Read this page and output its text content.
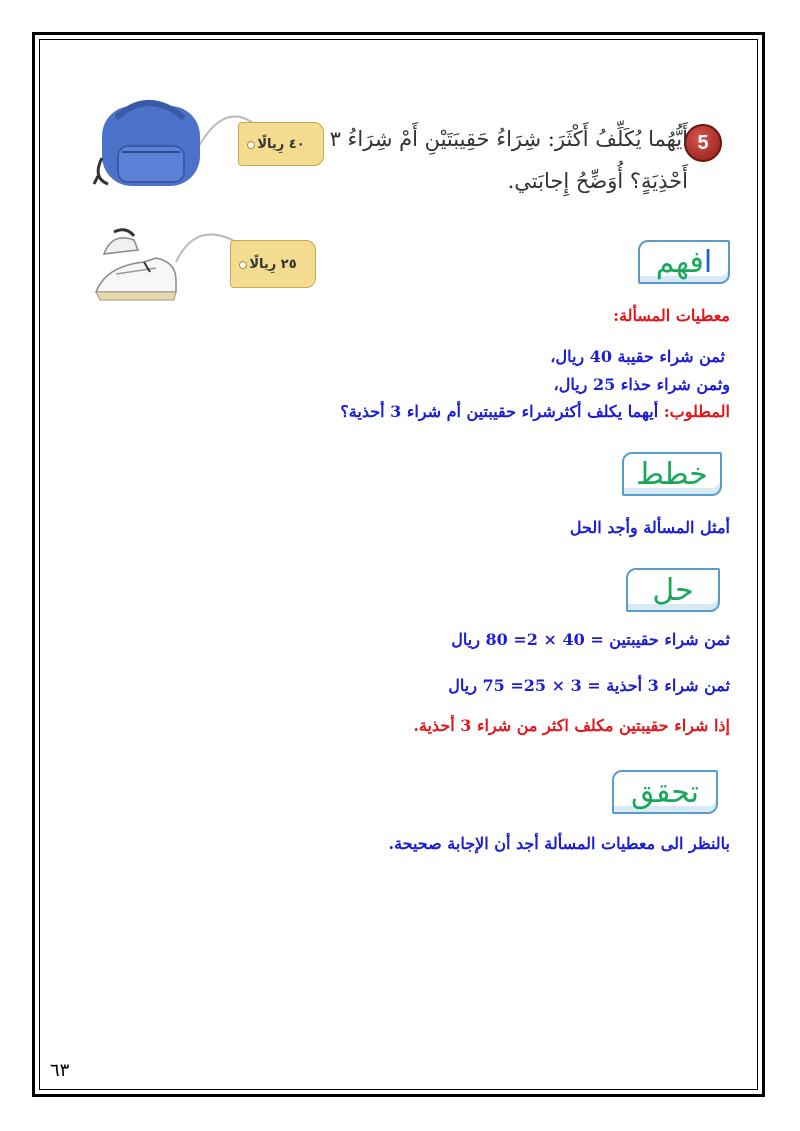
٤٠ رِيالًا
٢٥ رِيالًا
5
أَيُّهُما يُكَلِّفُ أَكْثَرَ: شِرَاءُ حَقِيبَتَيْنِ أَمْ شِرَاءُ ٣ أَحْذِيَةٍ؟ أُوَضِّحُ إِجابَتي.
افهم
معطيات المسألة:
ثمن شراء حقيبة 40 ريال،
وثمن شراء حذاء 25 ريال،
المطلوب: أيهما يكلف أكثرشراء حقيبتين أم شراء 3 أحذية؟
خطط
أمثل المسألة وأجد الحل
حل
ثمن شراء حقيبتين = 40 × 2= 80 ريال
ثمن شراء 3 أحذية = 3 × 25= 75 ريال
إذا شراء حقيبتين مكلف اكثر من شراء 3 أحذية.
تحقق
بالنظر الى معطيات المسألة أجد أن الإجابة صحيحة.
٦٣
